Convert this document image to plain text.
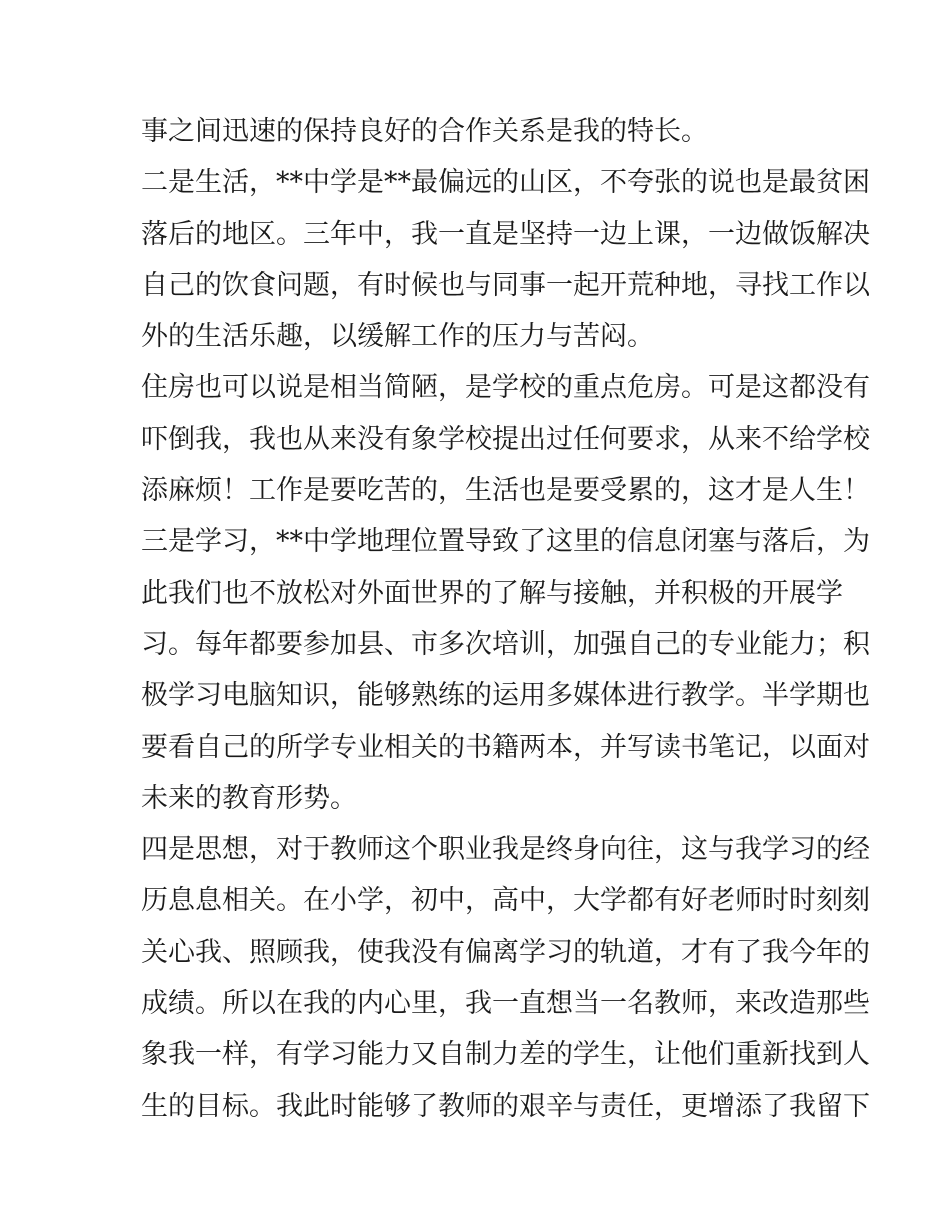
事之间迅速的保持良好的合作关系是我的特长。
二是生活，**中学是**最偏远的山区，不夸张的说也是最贫困
落后的地区。三年中，我一直是坚持一边上课，一边做饭解决
自己的饮食问题，有时候也与同事一起开荒种地，寻找工作以
外的生活乐趣，以缓解工作的压力与苦闷。
住房也可以说是相当简陋，是学校的重点危房。可是这都没有
吓倒我，我也从来没有象学校提出过任何要求，从来不给学校
添麻烦！工作是要吃苦的，生活也是要受累的，这才是人生！
三是学习，**中学地理位置导致了这里的信息闭塞与落后，为
此我们也不放松对外面世界的了解与接触，并积极的开展学
习。每年都要参加县、市多次培训，加强自己的专业能力；积
极学习电脑知识，能够熟练的运用多媒体进行教学。半学期也
要看自己的所学专业相关的书籍两本，并写读书笔记，以面对
未来的教育形势。
四是思想，对于教师这个职业我是终身向往，这与我学习的经
历息息相关。在小学，初中，高中，大学都有好老师时时刻刻
关心我、照顾我，使我没有偏离学习的轨道，才有了我今年的
成绩。所以在我的内心里，我一直想当一名教师，来改造那些
象我一样，有学习能力又自制力差的学生，让他们重新找到人
生的目标。我此时能够了教师的艰辛与责任，更增添了我留下
